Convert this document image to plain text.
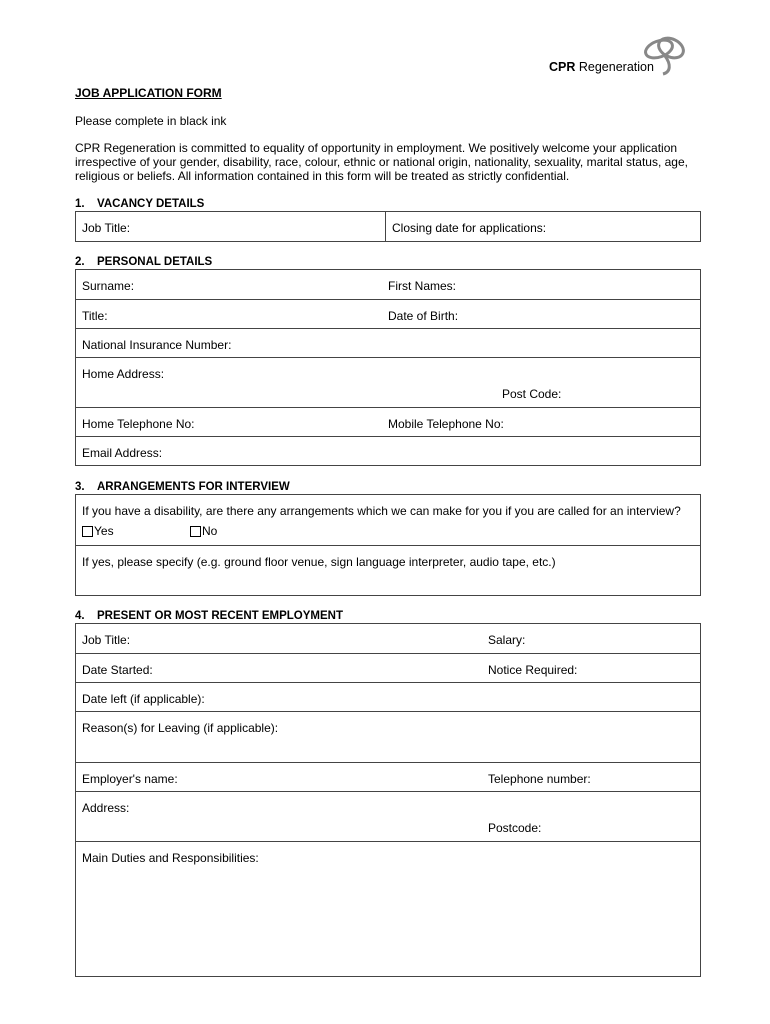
CPR Regeneration
JOB APPLICATION FORM
Please complete in black ink
CPR Regeneration is committed to equality of opportunity in employment. We positively welcome your application irrespective of your gender, disability, race, colour, ethnic or national origin, nationality, sexuality, marital status, age, religious or beliefs. All information contained in this form will be treated as strictly confidential.
1. VACANCY DETAILS
Job Title:	Closing date for applications:
2. PERSONAL DETAILS
Surname:	First Names:
Title:	Date of Birth:
National Insurance Number:
Home Address:
Post Code:
Home Telephone No:	Mobile Telephone No:
Email Address:
3. ARRANGEMENTS FOR INTERVIEW
If you have a disability, are there any arrangements which we can make for you if you are called for an interview?
Yes	No
If yes, please specify (e.g. ground floor venue, sign language interpreter, audio tape, etc.)
4. PRESENT OR MOST RECENT EMPLOYMENT
Job Title:	Salary:
Date Started:	Notice Required:
Date left (if applicable):
Reason(s) for Leaving (if applicable):
Employer's name:	Telephone number:
Address:
Postcode:
Main Duties and Responsibilities:
